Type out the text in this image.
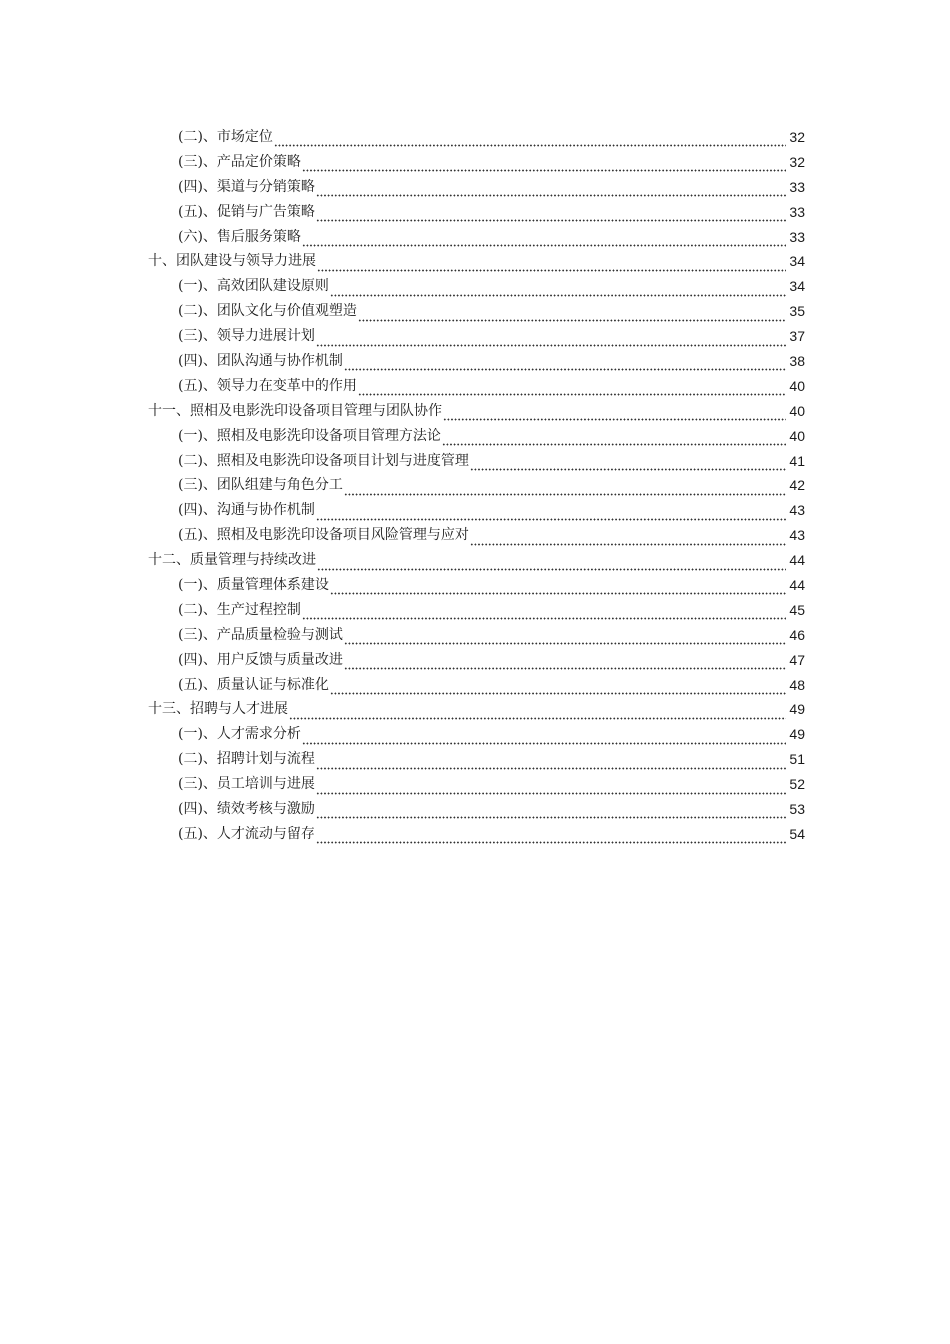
(二)、市场定位	32
(三)、产品定价策略	32
(四)、渠道与分销策略	33
(五)、促销与广告策略	33
(六)、售后服务策略	33
十、团队建设与领导力进展	34
(一)、高效团队建设原则	34
(二)、团队文化与价值观塑造	35
(三)、领导力进展计划	37
(四)、团队沟通与协作机制	38
(五)、领导力在变革中的作用	40
十一、照相及电影洗印设备项目管理与团队协作	40
(一)、照相及电影洗印设备项目管理方法论	40
(二)、照相及电影洗印设备项目计划与进度管理	41
(三)、团队组建与角色分工	42
(四)、沟通与协作机制	43
(五)、照相及电影洗印设备项目风险管理与应对	43
十二、质量管理与持续改进	44
(一)、质量管理体系建设	44
(二)、生产过程控制	45
(三)、产品质量检验与测试	46
(四)、用户反馈与质量改进	47
(五)、质量认证与标准化	48
十三、招聘与人才进展	49
(一)、人才需求分析	49
(二)、招聘计划与流程	51
(三)、员工培训与进展	52
(四)、绩效考核与激励	53
(五)、人才流动与留存	54
